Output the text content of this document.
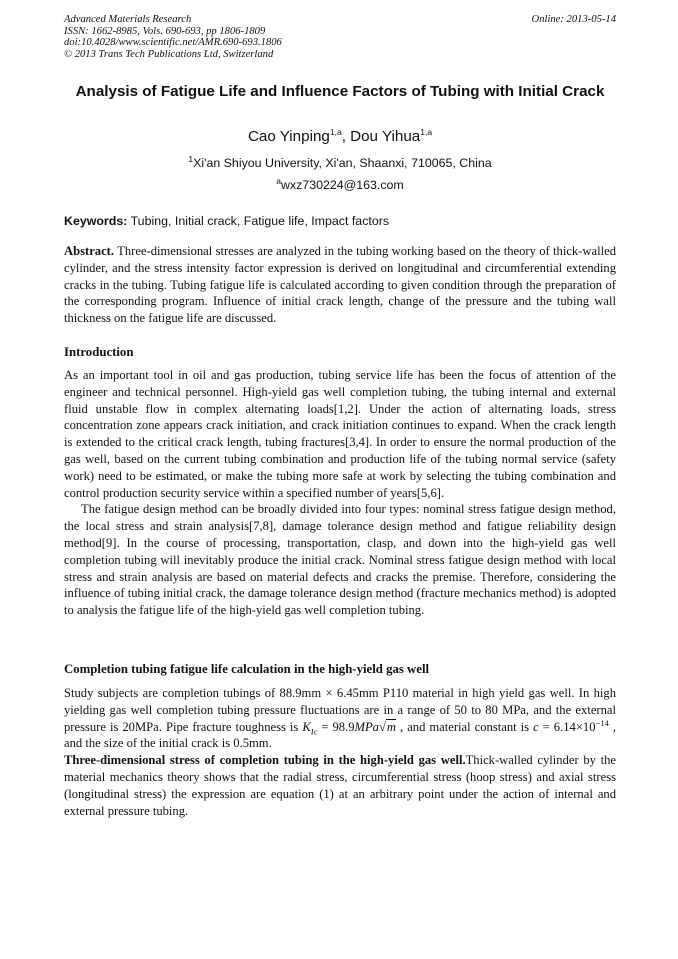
Advanced Materials Research
ISSN: 1662-8985, Vols. 690-693, pp 1806-1809
doi:10.4028/www.scientific.net/AMR.690-693.1806
© 2013 Trans Tech Publications Ltd, Switzerland
Online: 2013-05-14
Analysis of Fatigue Life and Influence Factors of Tubing with Initial Crack
Cao Yinping$^{1,a}$, Dou Yihua$^{1,a}$
$^1$Xi'an Shiyou University, Xi'an, Shaanxi, 710065, China
$^a$wxz730224@163.com
Keywords: Tubing, Initial crack, Fatigue life, Impact factors
Abstract. Three-dimensional stresses are analyzed in the tubing working based on the theory of thick-walled cylinder, and the stress intensity factor expression is derived on longitudinal and circumferential extending cracks in the tubing. Tubing fatigue life is calculated according to given condition through the preparation of the corresponding program. Influence of initial crack length, change of the pressure and the tubing wall thickness on the fatigue life are discussed.
Introduction

As an important tool in oil and gas production, tubing service life has been the focus of attention of the engineer and technical personnel. High-yield gas well completion tubing, the tubing internal and external fluid unstable flow in complex alternating loads[1,2]. Under the action of alternating loads, stress concentration zone appears crack initiation, and crack initiation continues to expand. When the crack length is extended to the critical crack length, tubing fractures[3,4]. In order to ensure the normal production of the gas well, based on the current tubing combination and production life of the tubing normal service (safety work) need to be estimated, or make the tubing more safe at work by selecting the tubing combination and control production security service within a specified number of years[5,6].

The fatigue design method can be broadly divided into four types: nominal stress fatigue design method, the local stress and strain analysis[7,8], damage tolerance design method and fatigue reliability design method[9]. In the course of processing, transportation, clasp, and down into the high-yield gas well completion tubing will inevitably produce the initial crack. Nominal stress fatigue design method with local stress and strain analysis are based on material defects and cracks the premise. Therefore, considering the influence of tubing initial crack, the damage tolerance design method (fracture mechanics method) is adopted to analysis the fatigue life of the high-yield gas well completion tubing.

Completion tubing fatigue life calculation in the high-yield gas well

Study subjects are completion tubings of 88.9mm × 6.45mm P110 material in high yield gas well. In high yielding gas well completion tubing pressure fluctuations are in a range of 50 to 80 MPa, and the external pressure is 20MPa. Pipe fracture toughness is $K_{Ic} = 98.9MPa√m$ , and material constant is $c = 6.14\times 10^{-14}$ , and the size of the initial crack is 0.5mm.

Three-dimensional stress of completion tubing in the high-yield gas well.Thick-walled cylinder by the material mechanics theory shows that the radial stress, circumferential stress (hoop stress) and axial stress (longitudinal stress) the expression are equation (1) at an arbitrary point under the action of internal and external pressure tubing.
